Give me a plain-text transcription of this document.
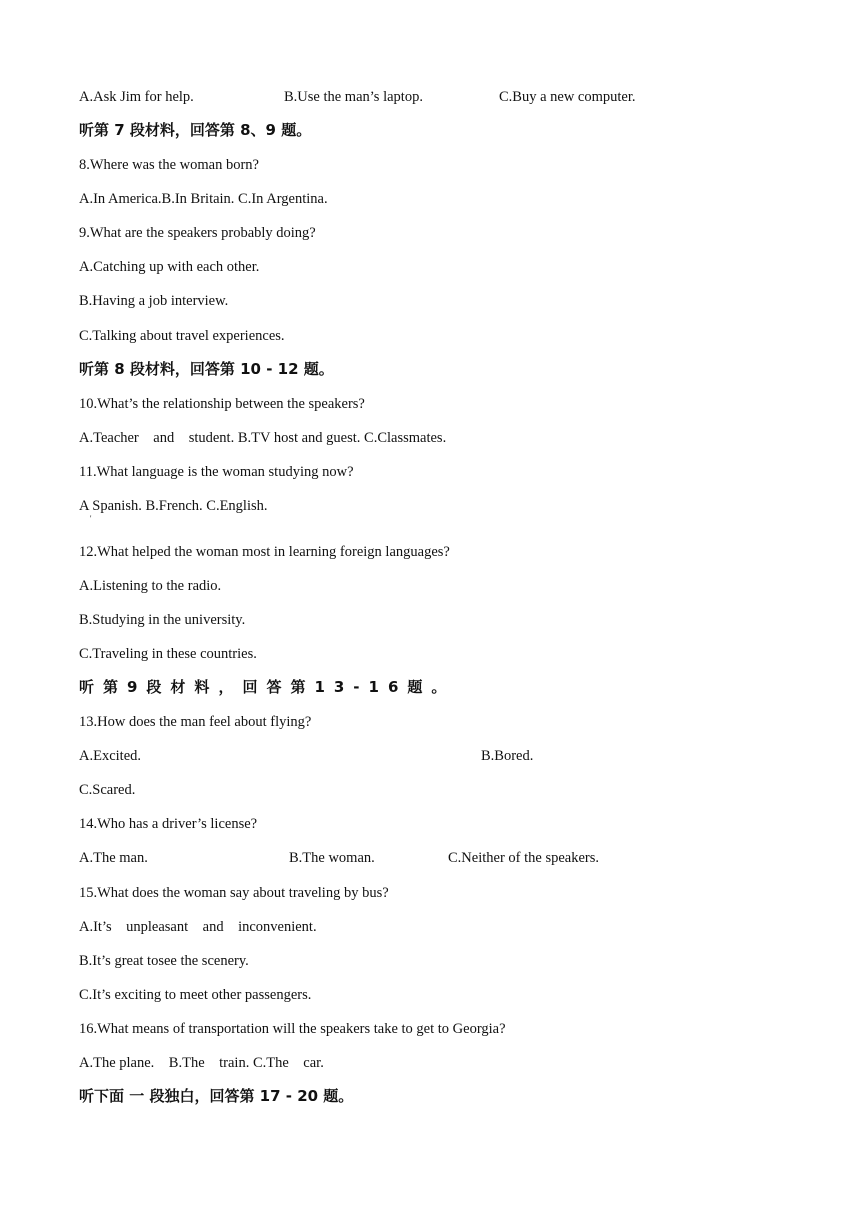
A.Ask Jim for help.	B.Use the man’s laptop.	C.Buy a new computer.
听第 7 段材料，回答第 8、9 题。
8.Where was the woman born?
A.In America.B.In Britain. C.In Argentina.
9.What are the speakers probably doing?
A.Catching up with each other.
B.Having a job interview.
C.Talking about travel experiences.
听第 8 段材料，回答第 10 - 12 题。
10.What’s the relationship between the speakers?
A.Teacher    and    student. B.TV host and guest. C.Classmates.
11.What language is the woman studying now?
A Spanish. B.French. C.English.
'
12.What helped the woman most in learning foreign languages?
A.Listening to the radio.
B.Studying in the university.
C.Traveling in these countries.
听第9段材料，回答第13-16题。
13.How does the man feel about flying?
A.Excited.	B.Bored.
C.Scared.
14.Who has a driver’s license?
A.The man.	B.The woman.	C.Neither of the speakers.
15.What does the woman say about traveling by bus?
A.It’s    unpleasant    and    inconvenient.
B.It’s great tosee the scenery.
C.It’s exciting to meet other passengers.
16.What means of transportation will the speakers take to get to Georgia?
A.The plane.    B.The    train. C.The    car.
听下面 一 段独白，回答第 17 - 20 题。
